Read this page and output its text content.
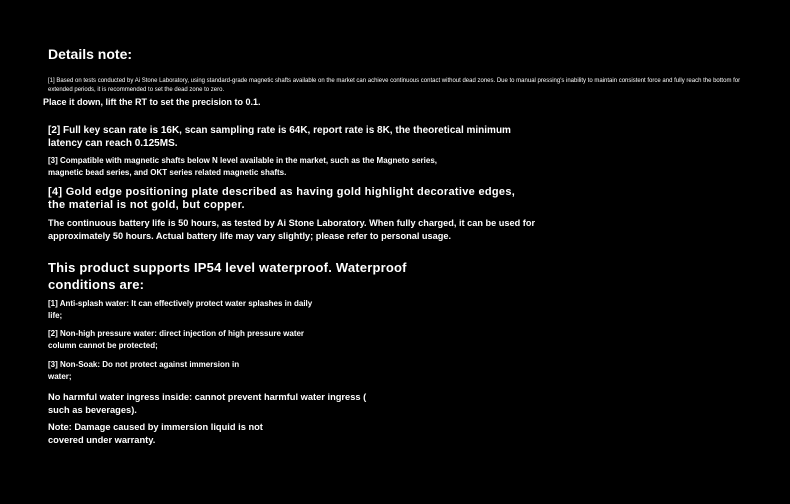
Details note:

[1] Based on tests conducted by Ai Stone Laboratory, using standard-grade magnetic shafts available on the market can achieve continuous contact without dead zones. Due to manual pressing's inability to maintain consistent force and fully reach the bottom for extended periods, it is recommended to set the dead zone to zero.

Place it down, lift the RT to set the precision to 0.1.

[2] Full key scan rate is 16K, scan sampling rate is 64K, report rate is 8K, the theoretical minimum
latency can reach 0.125MS.

[3] Compatible with magnetic shafts below N level available in the market, such as the Magneto series,
magnetic bead series, and OKT series related magnetic shafts.

[4] Gold edge positioning plate described as having gold highlight decorative edges,
the material is not gold, but copper.

The continuous battery life is 50 hours, as tested by Ai Stone Laboratory. When fully charged, it can be used for
approximately 50 hours. Actual battery life may vary slightly; please refer to personal usage.

This product supports IP54 level waterproof. Waterproof
conditions are:

[1] Anti-splash water: It can effectively protect water splashes in daily
life;

[2] Non-high pressure water: direct injection of high pressure water
column cannot be protected;

[3] Non-Soak: Do not protect against immersion in
water;

No harmful water ingress inside: cannot prevent harmful water ingress (
such as beverages).

Note: Damage caused by immersion liquid is not
covered under warranty.
